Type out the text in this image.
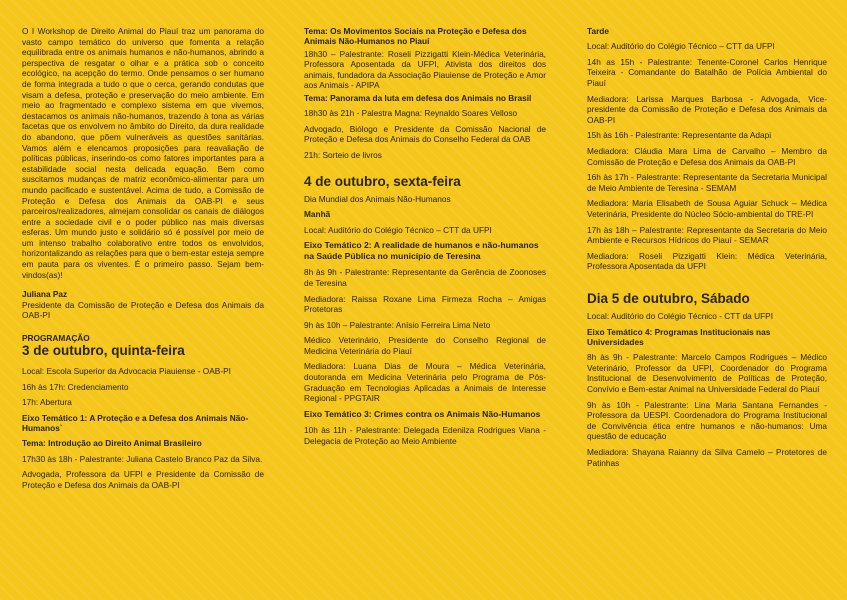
O I Workshop de Direito Animal do Piauí traz um panorama do vasto campo temático do universo que fomenta a relação equilibrada entre os animais humanos e não-humanos, abrindo a perspectiva de resgatar o olhar e a prática sob o conceito ecológico, na acepção do termo. Onde pensamos o ser humano de forma integrada a tudo o que o cerca, gerando condutas que visam a defesa, proteção e preservação do meio ambiente. Em meio ao fragmentado e complexo sistema em que vivemos, destacamos os animais não-humanos, trazendo à tona as várias facetas que os envolvem no âmbito do Direito, da dura realidade do abandono, que põem vulneráveis as questões sanitárias. Vamos além e elencamos proposições para reavaliação de políticas públicas, inserindo-os como fatores importantes para a estabilidade social nesta delicada equação. Bem como suscitamos mudanças de matriz econômico-alimentar para um mundo pacificado e sustentável. Acima de tudo, a Comissão de Proteção e Defesa dos Animais da OAB-PI e seus parceiros/realizadores, almejam consolidar os canais de diálogos entre a sociedade civil e o poder público nas mais diversas esferas. Um mundo justo e solidário só é possível por meio de um intenso trabalho colaborativo entre todos os envolvidos, horizontalizando as relações para que o bem-estar esteja sempre em pauta para os viventes. É o primeiro passo. Sejam bem-vindos(as)!

Juliana Paz

Presidente da Comissão de Proteção e Defesa dos Animais da OAB-PI

PROGRAMAÇÃO

3 de outubro, quinta-feira

Local: Escola Superior da Advocacia Piauiense - OAB-PI

16h às 17h: Credenciamento

17h: Abertura

Eixo Temático 1: A Proteção e a Defesa dos Animais Não-Humanos`

Tema: Introdução ao Direito Animal Brasileiro

17h30 às 18h - Palestrante: Juliana Castelo Branco Paz da Silva.

Advogada, Professora da UFPI e Presidente da Comissão de Proteção e Defesa dos Animais da OAB-PI

Tema: Os Movimentos Sociais na Proteção e Defesa dos Animais Não-Humanos no Piauí

18h30 – Palestrante: Roseli Pizzigatti Klein-Médica Veterinária, Professora Aposentada da UFPI, Ativista dos direitos dos animais, fundadora da Associação Piauiense de Proteção e Amor aos Animais - APIPA

Tema: Panorama da luta em defesa dos Animais no Brasil

18h30 às 21h - Palestra Magna: Reynaldo Soares Velloso

Advogado, Biólogo e Presidente da Comissão Nacional de Proteção e Defesa dos Animais do Conselho Federal da OAB

21h: Sorteio de livros

4 de outubro, sexta-feira

Dia Mundial dos Animais Não-Humanos

Manhã

Local: Auditório do Colégio Técnico – CTT da UFPI

Eixo Temático 2: A realidade de humanos e não-humanos na Saúde Pública no município de Teresina

8h às 9h - Palestrante: Representante da Gerência de Zoonoses de Teresina

Mediadora: Raissa Roxane Lima Firmeza Rocha – Amigas Protetoras

9h às 10h – Palestrante: Anísio Ferreira Lima Neto

Médico Veterinário, Presidente do Conselho Regional de Medicina Veterinária do Piauí

Mediadora: Luana Dias de Moura – Médica Veterinária, doutoranda em Medicina Veterinária pelo Programa de Pós-Graduação em Tecnologias Aplicadas a Animais de Interesse Regional - PPGTAIR

Eixo Temático 3: Crimes contra os Animais Não-Humanos

10h às 11h - Palestrante: Delegada Edenilza Rodrigues Viana - Delegacia de Proteção ao Meio Ambiente

Tarde

Local: Auditório do Colégio Técnico – CTT da UFPI

14h as 15h - Palestrante: Tenente-Coronel Carlos Henrique Teixeira - Comandante do Batalhão de Polícia Ambiental do Piauí

Mediadora: Larissa Marques Barbosa - Advogada, Vice-presidente da Comissão de Proteção e Defesa dos Animais da OAB-PI

15h às 16h - Palestrante: Representante da Adapi

Mediadora: Cláudia Mara Lima de Carvalho – Membro da Comissão de Proteção e Defesa dos Animais da OAB-PI

16h às 17h - Palestrante: Representante da Secretaria Municipal de Meio Ambiente de Teresina - SEMAM

Mediadora: Maria Elisabeth de Sousa Aguiar Schuck – Médica Veterinária, Presidente do Núcleo Sócio-ambiental do TRE-PI

17h às 18h – Palestrante: Representante da Secretaria do Meio Ambiente e Recursos Hídricos do Piauí - SEMAR

Mediadora: Roseli Pizzigatti Klein: Médica Veterinária, Professora Aposentada da UFPI

Dia 5 de outubro, Sábado

Local: Auditório do Colégio Técnico - CTT da UFPI

Eixo Temático 4: Programas Institucionais nas Universidades

8h às 9h - Palestrante: Marcelo Campos Rodrigues – Médico Veterinário, Professor da UFPI, Coordenador do Programa Institucional de Desenvolvimento de Políticas de Proteção, Convívio e Bem-estar Animal na Universidade Federal do Piauí

9h às 10h - Palestrante: Lina Maria Santana Fernandes - Professora da UESPI. Coordenadora do Programa Institucional de Convivência ética entre humanos e não-humanos: Uma questão de educação

Mediadora: Shayana Raianny da Silva Camelo – Protetores de Patinhas
